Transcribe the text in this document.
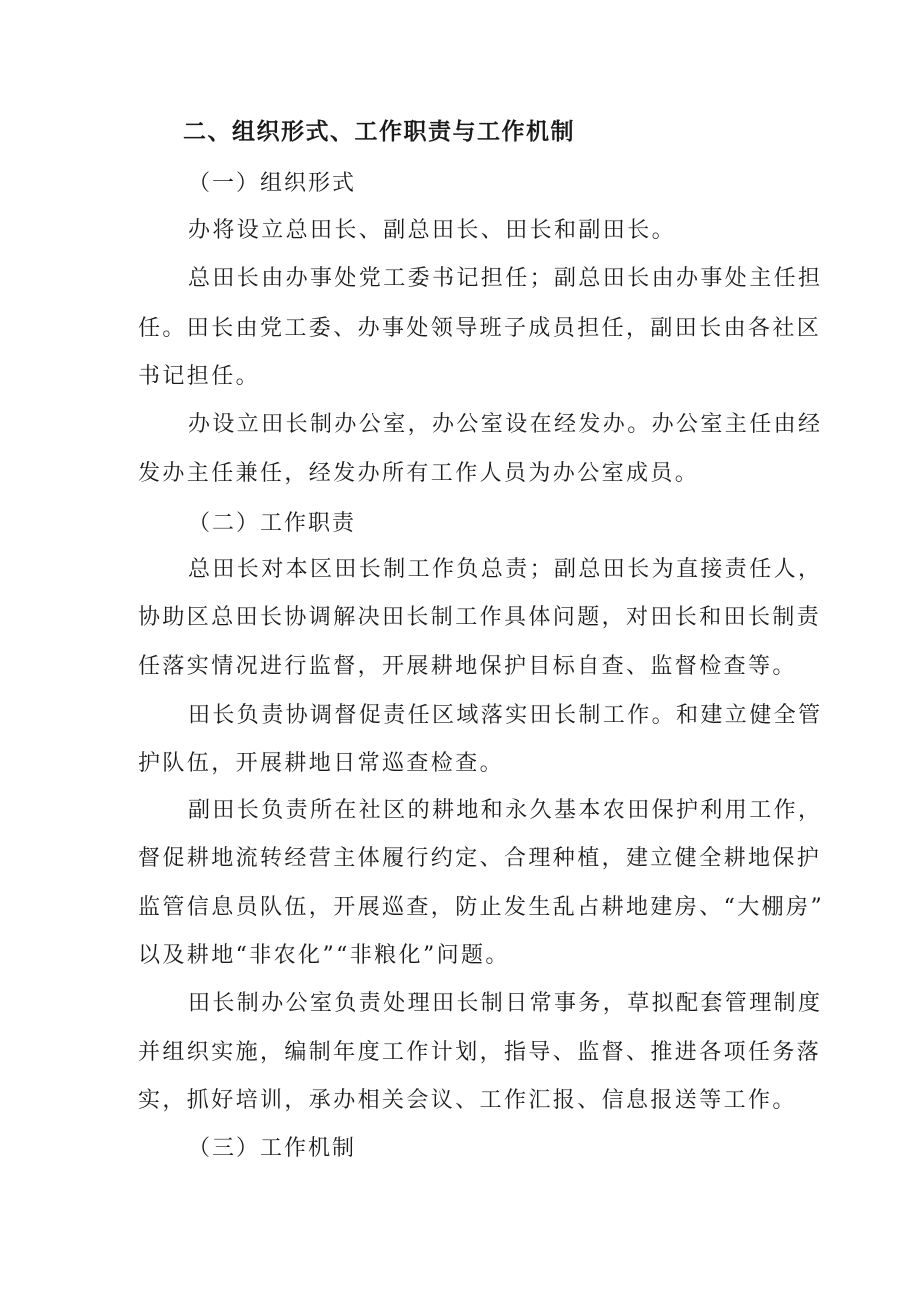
二、组织形式、工作职责与工作机制

（一）组织形式

办将设立总田长、副总田长、田长和副田长。

总田长由办事处党工委书记担任；副总田长由办事处主任担

任。田长由党工委、办事处领导班子成员担任，副田长由各社区

书记担任。

办设立田长制办公室，办公室设在经发办。办公室主任由经

发办主任兼任，经发办所有工作人员为办公室成员。

（二）工作职责

总田长对本区田长制工作负总责；副总田长为直接责任人，

协助区总田长协调解决田长制工作具体问题，对田长和田长制责

任落实情况进行监督，开展耕地保护目标自查、监督检查等。

田长负责协调督促责任区域落实田长制工作。和建立健全管

护队伍，开展耕地日常巡查检查。

副田长负责所在社区的耕地和永久基本农田保护利用工作，

督促耕地流转经营主体履行约定、合理种植，建立健全耕地保护

监管信息员队伍，开展巡查，防止发生乱占耕地建房、“大棚房”

以及耕地“非农化”“非粮化”问题。

田长制办公室负责处理田长制日常事务，草拟配套管理制度

并组织实施，编制年度工作计划，指导、监督、推进各项任务落

实，抓好培训，承办相关会议、工作汇报、信息报送等工作。

（三）工作机制
